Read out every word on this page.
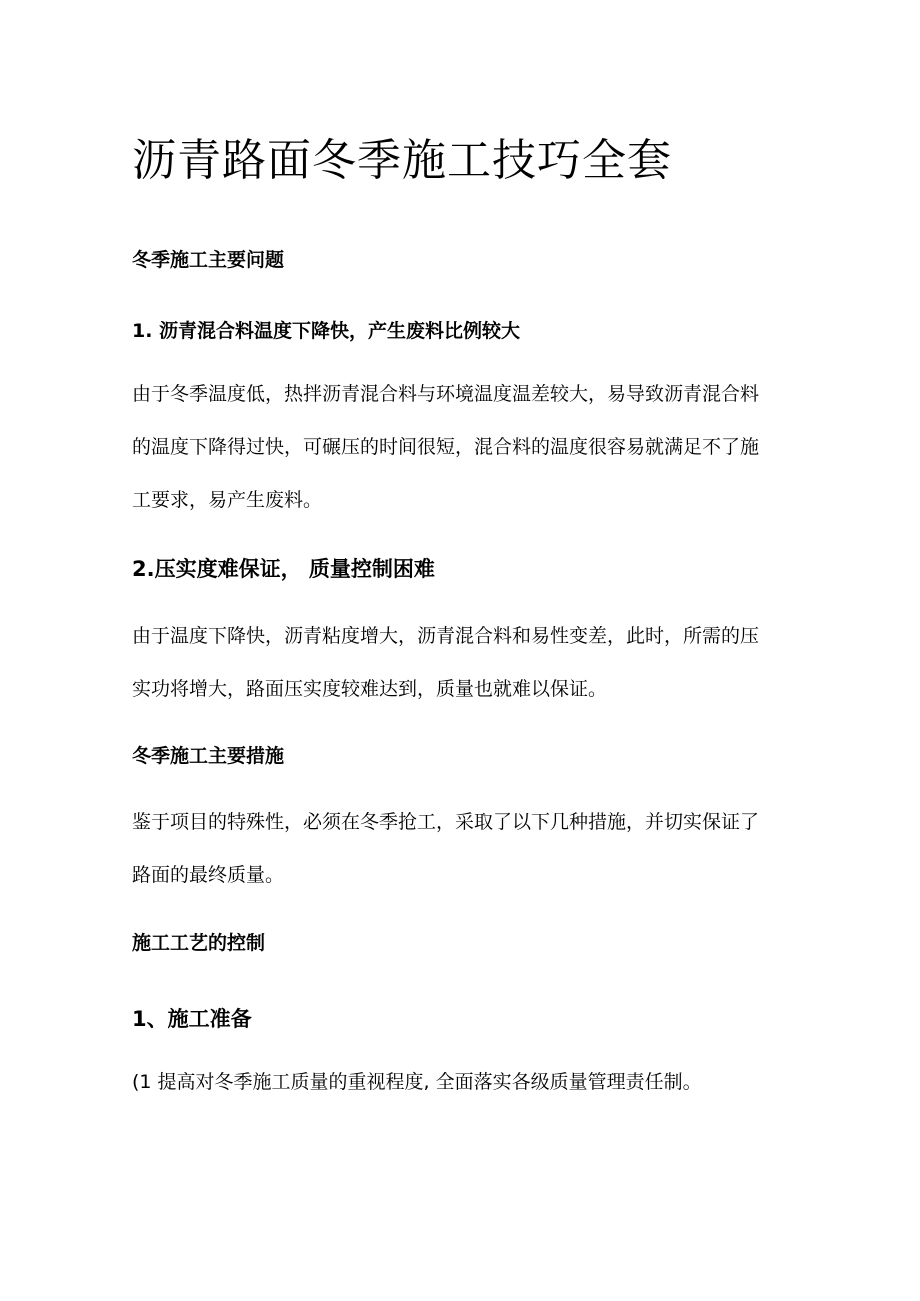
沥青路面冬季施工技巧全套
冬季施工主要问题
1. 沥青混合料温度下降快，产生废料比例较大

由于冬季温度低，热拌沥青混合料与环境温度温差较大，易导致沥青混合料
的温度下降得过快，可碾压的时间很短，混合料的温度很容易就满足不了施
工要求，易产生废料。

2.压实度难保证， 质量控制困难

由于温度下降快，沥青粘度增大，沥青混合料和易性变差，此时，所需的压
实功将增大，路面压实度较难达到，质量也就难以保证。

冬季施工主要措施

鉴于项目的特殊性，必须在冬季抢工，采取了以下几种措施，并切实保证了
路面的最终质量。

施工工艺的控制
1、施工准备

(1 提高对冬季施工质量的重视程度, 全面落实各级质量管理责任制。
